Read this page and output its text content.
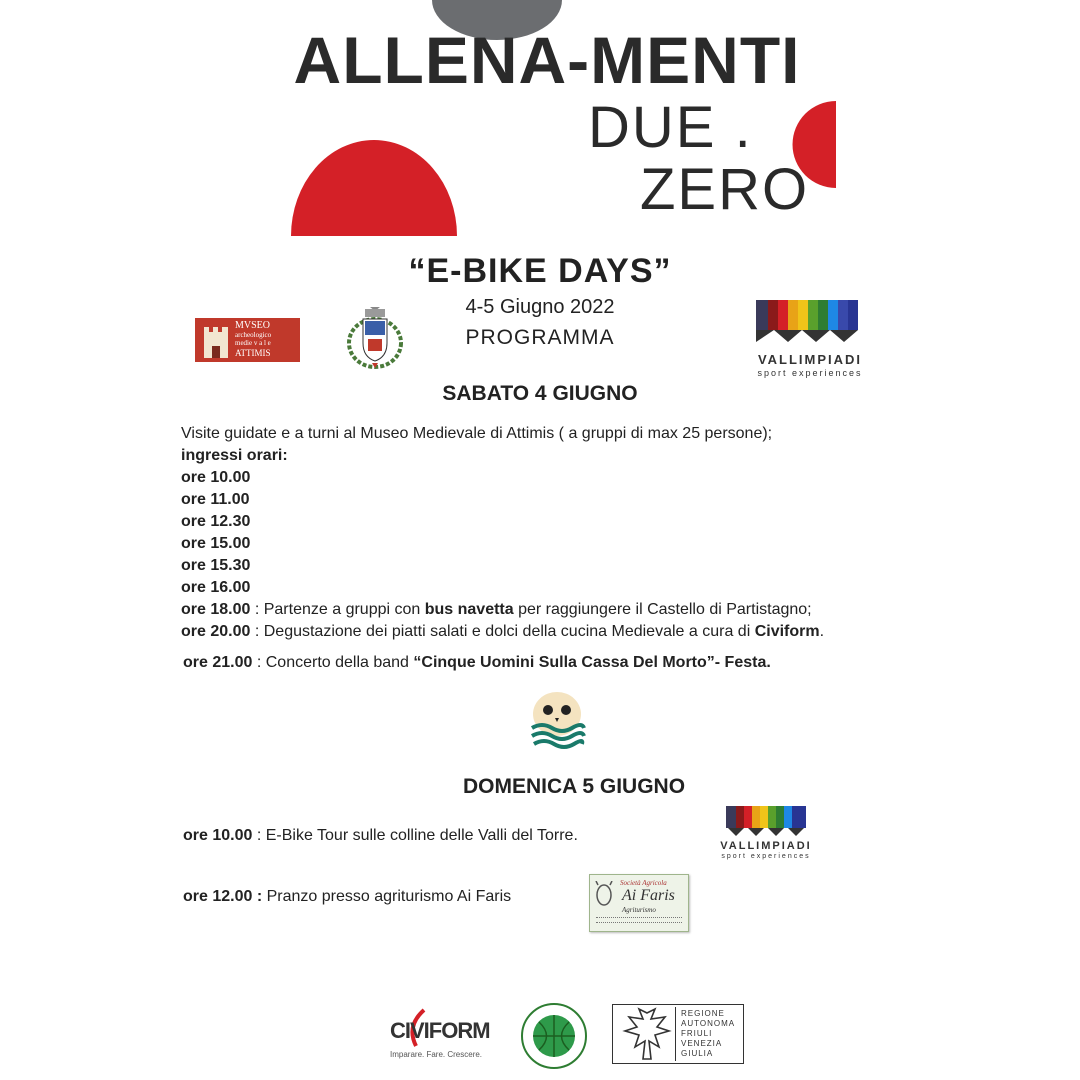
ALLENA-MENTI
DUE .
ZERO
“E-BIKE DAYS”
4-5 Giugno 2022
PROGRAMMA
MVSEO
archeologico
medie v a l e
ATTIMIS	VALLIMPIADI
sport experiences
SABATO 4 GIUGNO
Visite guidate e a turni al Museo Medievale di Attimis ( a gruppi di max 25 persone);
ingressi orari:
ore 10.00
ore 11.00
ore 12.30
ore 15.00
ore 15.30
ore 16.00
ore 18.00 : Partenze a gruppi con bus navetta per raggiungere il Castello di Partistagno;
ore 20.00 : Degustazione dei piatti salati e dolci della cucina Medievale a cura di Civiform.
ore 21.00 : Concerto della band “Cinque Uomini Sulla Cassa Del Morto”- Festa.
DOMENICA 5 GIUGNO
ore 10.00 : E-Bike Tour sulle colline delle Valli del Torre.
VALLIMPIADI
sport experiences
ore 12.00 : Pranzo presso agriturismo Ai Faris
Società Agricola
Ai Faris
Agriturismo
CIVIFORM
Imparare. Fare. Crescere.
REGIONE
AUTONOMA
FRIULI
VENEZIA
GIULIA
